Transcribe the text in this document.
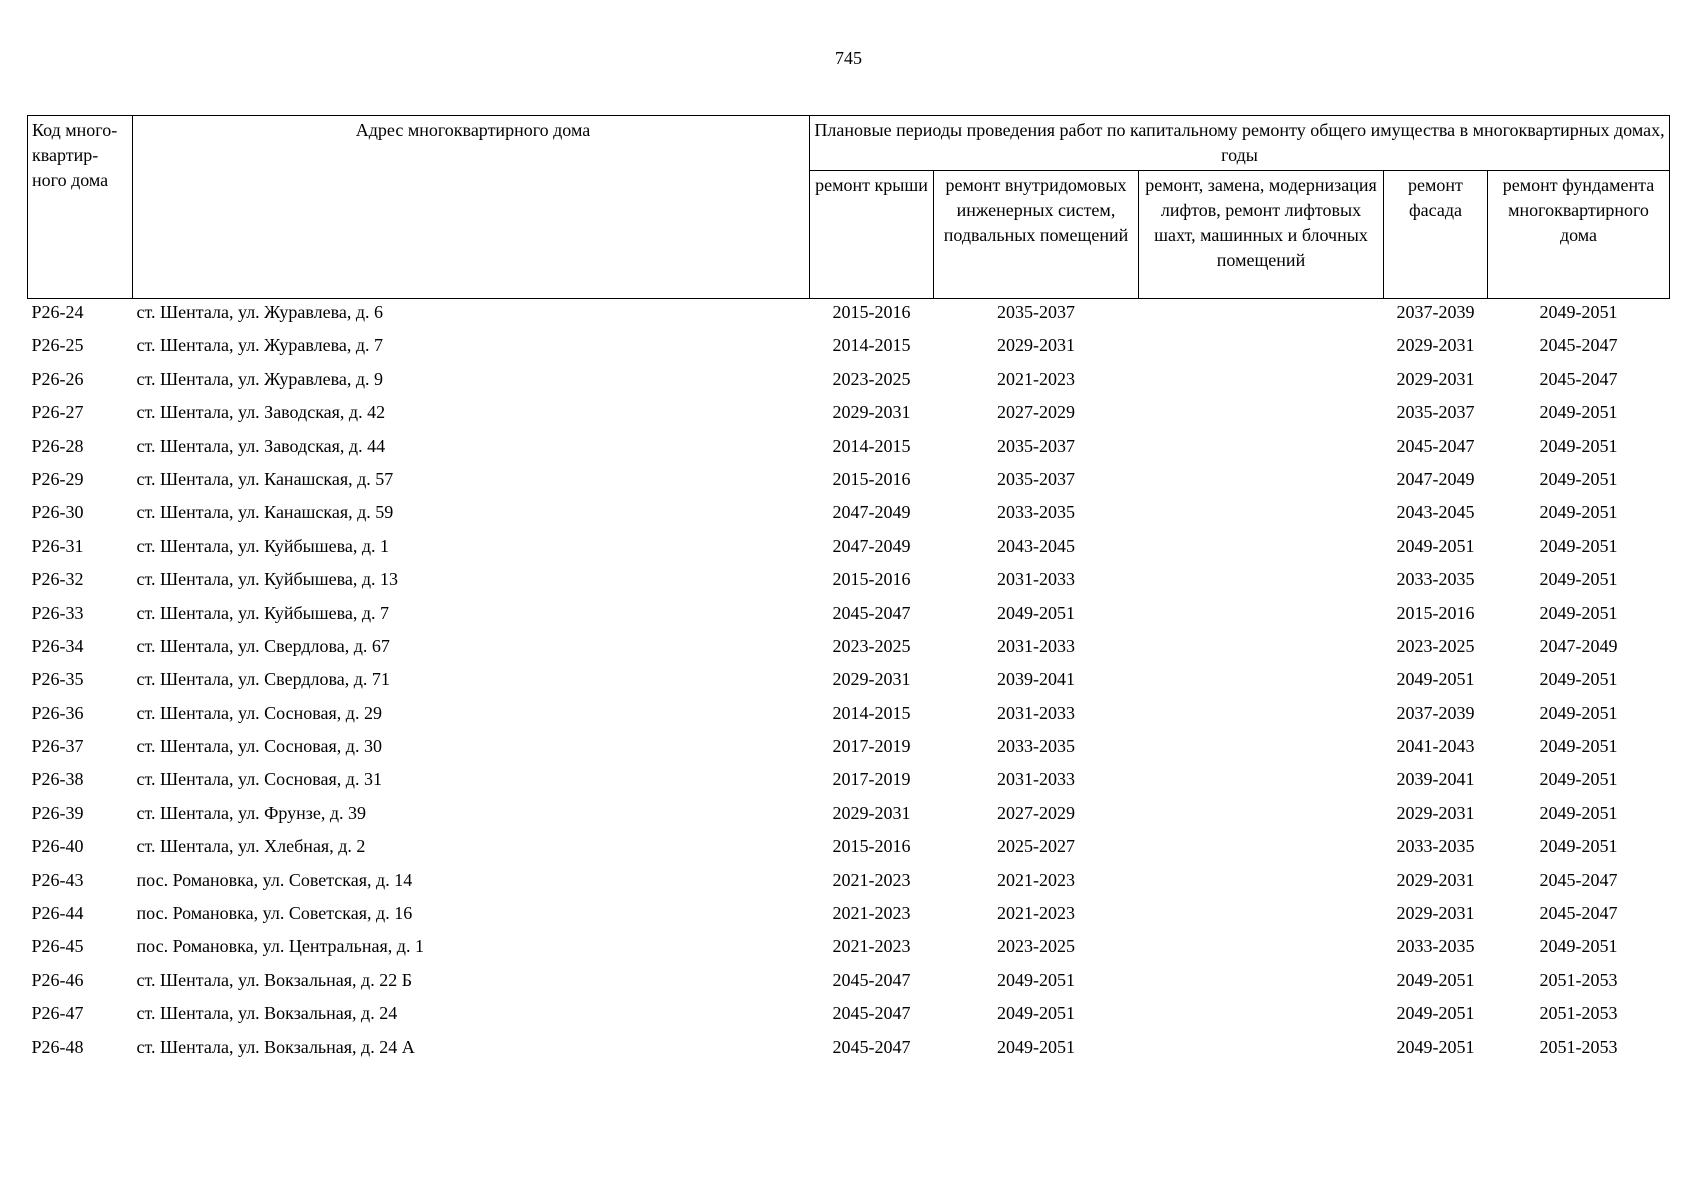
745
Код много-квартир-ного дома	Адрес многоквартирного дома	Плановые периоды проведения работ по капитальному ремонту общего имущества в многоквартирных домах, годы				
		ремонт крыши	ремонт внутридомовых инженерных систем, подвальных помещений	ремонт, замена, модернизация лифтов, ремонт лифтовых шахт, машинных и блочных помещений	ремонт фасада	ремонт фундамента многоквартирного дома
Р26-24	ст. Шентала, ул. Журавлева, д. 6	2015-2016	2035-2037		2037-2039	2049-2051
Р26-25	ст. Шентала, ул. Журавлева, д. 7	2014-2015	2029-2031		2029-2031	2045-2047
Р26-26	ст. Шентала, ул. Журавлева, д. 9	2023-2025	2021-2023		2029-2031	2045-2047
Р26-27	ст. Шентала, ул. Заводская, д. 42	2029-2031	2027-2029		2035-2037	2049-2051
Р26-28	ст. Шентала, ул. Заводская, д. 44	2014-2015	2035-2037		2045-2047	2049-2051
Р26-29	ст. Шентала, ул. Канашская, д. 57	2015-2016	2035-2037		2047-2049	2049-2051
Р26-30	ст. Шентала, ул. Канашская, д. 59	2047-2049	2033-2035		2043-2045	2049-2051
Р26-31	ст. Шентала, ул. Куйбышева, д. 1	2047-2049	2043-2045		2049-2051	2049-2051
Р26-32	ст. Шентала, ул. Куйбышева, д. 13	2015-2016	2031-2033		2033-2035	2049-2051
Р26-33	ст. Шентала, ул. Куйбышева, д. 7	2045-2047	2049-2051		2015-2016	2049-2051
Р26-34	ст. Шентала, ул. Свердлова, д. 67	2023-2025	2031-2033		2023-2025	2047-2049
Р26-35	ст. Шентала, ул. Свердлова, д. 71	2029-2031	2039-2041		2049-2051	2049-2051
Р26-36	ст. Шентала, ул. Сосновая, д. 29	2014-2015	2031-2033		2037-2039	2049-2051
Р26-37	ст. Шентала, ул. Сосновая, д. 30	2017-2019	2033-2035		2041-2043	2049-2051
Р26-38	ст. Шентала, ул. Сосновая, д. 31	2017-2019	2031-2033		2039-2041	2049-2051
Р26-39	ст. Шентала, ул. Фрунзе, д. 39	2029-2031	2027-2029		2029-2031	2049-2051
Р26-40	ст. Шентала, ул. Хлебная, д. 2	2015-2016	2025-2027		2033-2035	2049-2051
Р26-43	пос. Романовка, ул. Советская, д. 14	2021-2023	2021-2023		2029-2031	2045-2047
Р26-44	пос. Романовка, ул. Советская, д. 16	2021-2023	2021-2023		2029-2031	2045-2047
Р26-45	пос. Романовка, ул. Центральная, д. 1	2021-2023	2023-2025		2033-2035	2049-2051
Р26-46	ст. Шентала, ул. Вокзальная, д. 22 Б	2045-2047	2049-2051		2049-2051	2051-2053
Р26-47	ст. Шентала, ул. Вокзальная, д. 24	2045-2047	2049-2051		2049-2051	2051-2053
Р26-48	ст. Шентала, ул. Вокзальная, д. 24 А	2045-2047	2049-2051		2049-2051	2051-2053
